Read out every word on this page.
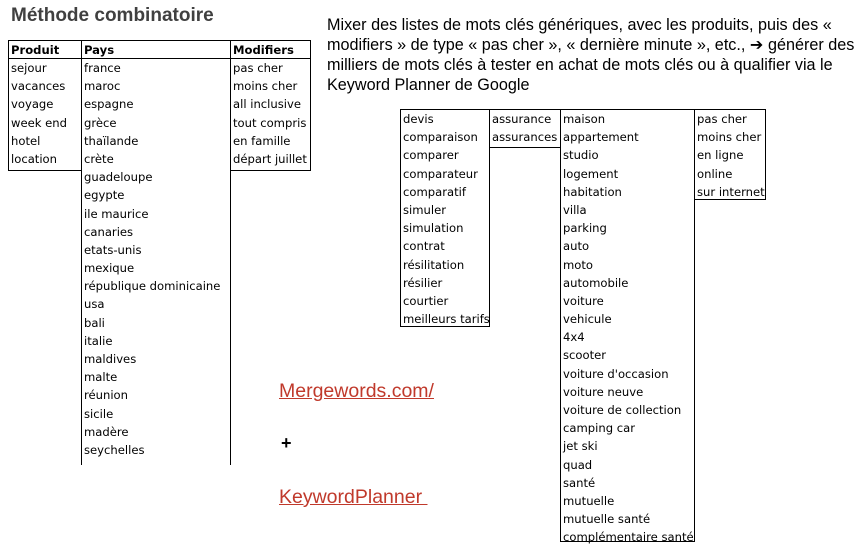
Méthode combinatoire	Mixer des listes de mots clés génériques, avec les produits, puis des « modifiers » de type « pas cher », « dernière minute », etc., ➔ générer des milliers de mots clés à tester en achat de mots clés ou à qualifier via le Keyword Planner de Google
Produit
sejour
vacances
voyage
week end
hotel
location
Pays
france
maroc
espagne
grèce
thaïlande
crète
guadeloupe
egypte
ile maurice
canaries
etats-unis
mexique
république dominicaine
usa
bali
italie
maldives
malte
réunion
sicile
madère
seychelles
Modifiers
pas cher
moins cher
all inclusive
tout compris
en famille
départ juillet
devis
comparaison
comparer
comparateur
comparatif
simuler
simulation
contrat
résilitation
résilier
courtier
meilleurs tarifs
assurance
assurances
maison
appartement
studio
logement
habitation
villa
parking
auto
moto
automobile
voiture
vehicule
4x4
scooter
voiture d'occasion
voiture neuve
voiture de collection
camping car
jet ski
quad
santé
mutuelle
mutuelle santé
complémentaire santé
pas cher
moins cher
en ligne
online
sur internet
Mergewords.com/
+
KeywordPlanner
